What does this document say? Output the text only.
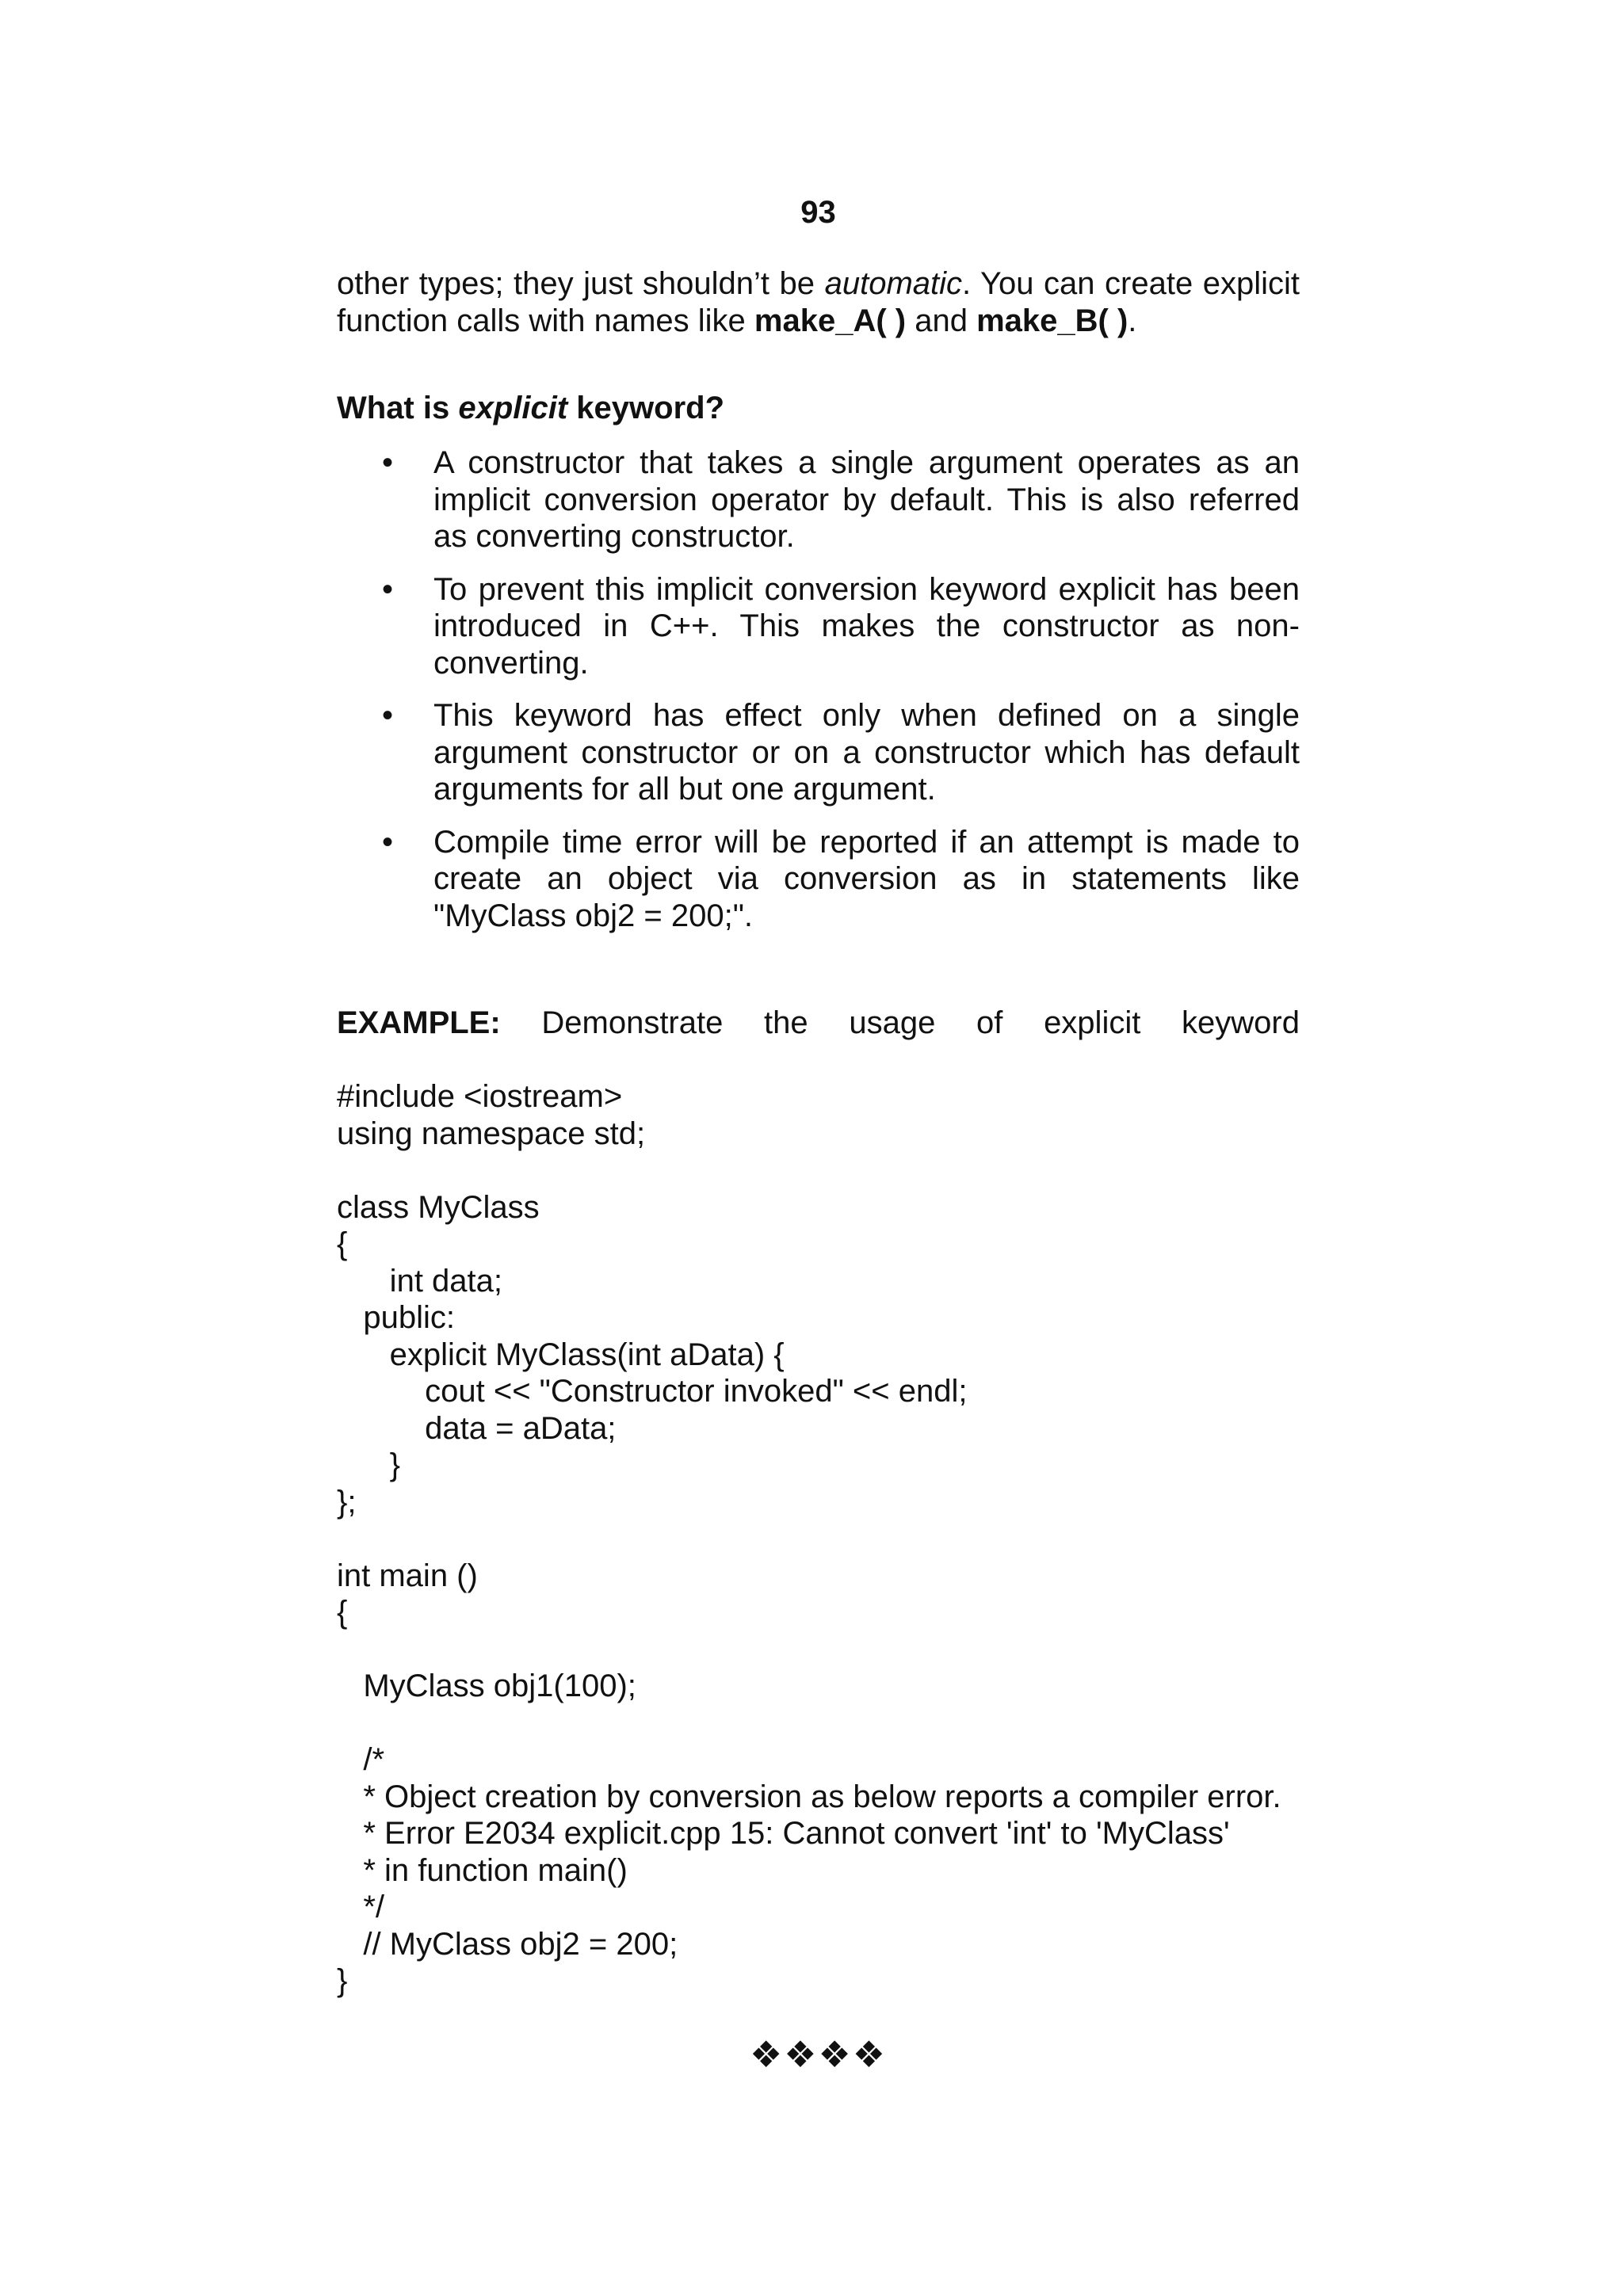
93

other types; they just shouldn’t be automatic. You can create explicit function calls with names like make_A( ) and make_B( ).

What is explicit keyword?
• A constructor that takes a single argument operates as an implicit conversion operator by default. This is also referred as converting constructor.
• To prevent this implicit conversion keyword explicit has been introduced in C++. This makes the constructor as non-converting.
• This keyword has effect only when defined on a single argument constructor or on a constructor which has default arguments for all but one argument.
• Compile time error will be reported if an attempt is made to create an object via conversion as in statements like "MyClass obj2 = 200;".

EXAMPLE: Demonstrate the usage of explicit keyword

#include <iostream>
using namespace std;
class MyClass
{
int data;
public:
explicit MyClass(int aData) {
cout << "Constructor invoked" << endl;
data = aData;
}
};
int main ()
{
MyClass obj1(100);
/*
* Object creation by conversion as below reports a compiler error.
* Error E2034 explicit.cpp 15: Cannot convert 'int' to 'MyClass'
* in function main()
*/
// MyClass obj2 = 200;
}
❖❖❖❖
